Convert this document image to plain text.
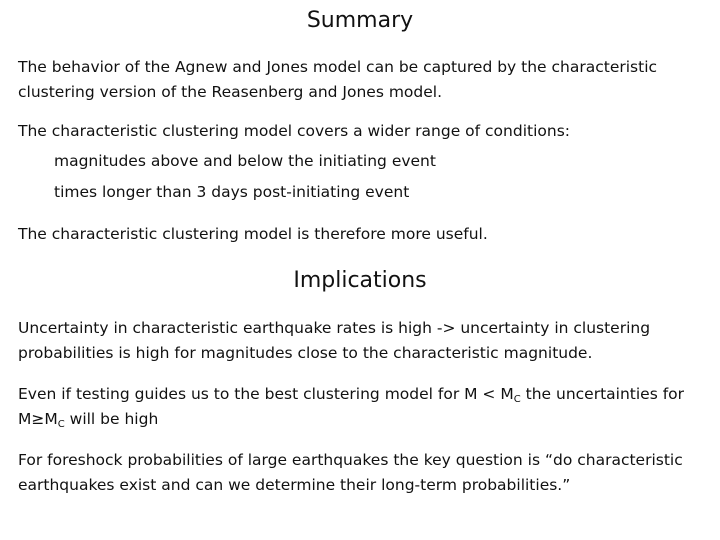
Summary

The behavior of the Agnew and Jones model can be captured by the characteristic clustering version of the Reasenberg and Jones model.

The characteristic clustering model covers a wider range of conditions:

magnitudes above and below the initiating event

times longer than 3 days post-initiating event

The characteristic clustering model is therefore more useful.

Implications

Uncertainty in characteristic earthquake rates is high -> uncertainty in clustering probabilities is high for magnitudes close to the characteristic magnitude.

Even if testing guides us to the best clustering model for $M < M_C$ the uncertainties for $M\ge M_C$ will be high

For foreshock probabilities of large earthquakes the key question is “do characteristic earthquakes exist and can we determine their long-term probabilities.”
